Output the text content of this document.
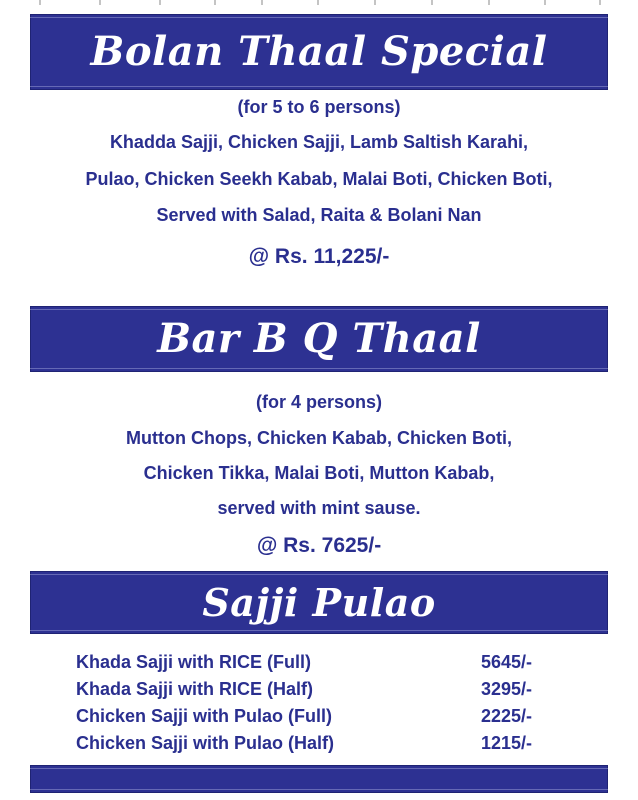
Bolan Thaal Special
(for 5 to 6 persons)
Khadda Sajji, Chicken Sajji, Lamb Saltish Karahi,
Pulao, Chicken Seekh Kabab, Malai Boti, Chicken Boti,
Served with Salad, Raita & Bolani Nan
@ Rs. 11,225/-
Bar B Q Thaal
(for 4 persons)
Mutton Chops, Chicken Kabab, Chicken Boti,
Chicken Tikka, Malai Boti, Mutton Kabab,
served with mint sause.
@ Rs. 7625/-
Sajji Pulao
Khada Sajji with RICE (Full)	5645/-
Khada Sajji with RICE (Half)	3295/-
Chicken Sajji with Pulao (Full)	2225/-
Chicken Sajji with Pulao (Half)	1215/-
